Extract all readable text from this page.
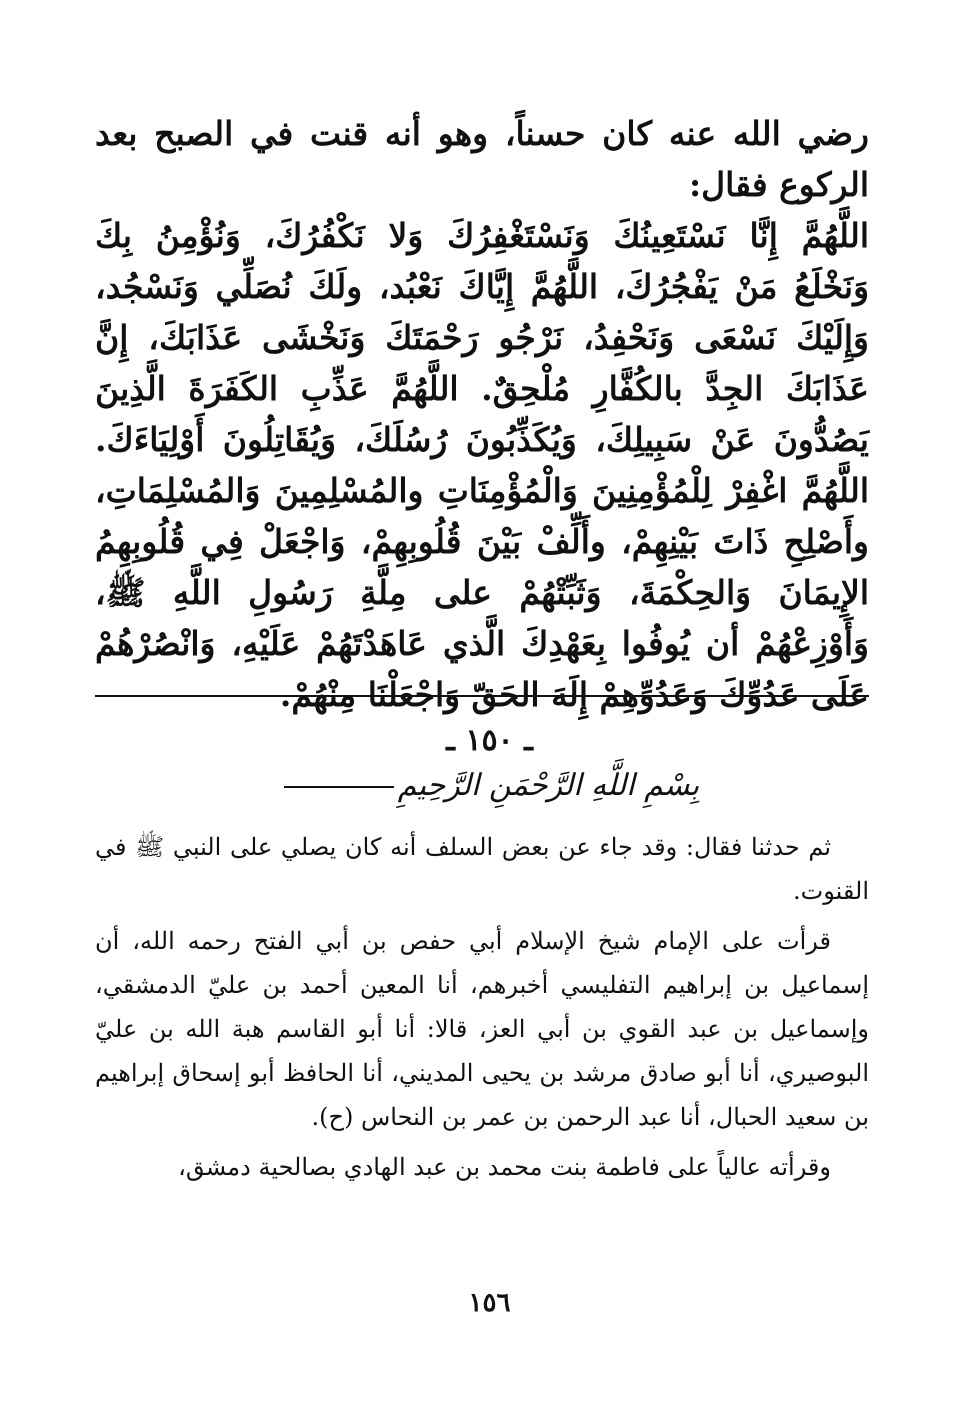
رضي الله عنه كان حسناً، وهو أنه قنت في الصبح بعد الركوع فقال:

اللَّهُمَّ إِنَّا نَسْتَعِينُكَ وَنَسْتَغْفِرُكَ وَلا نَكْفُرُكَ، وَنُؤْمِنُ بِكَ وَنَخْلَعُ مَنْ يَفْجُرُكَ، اللَّهُمَّ إِيَّاكَ نَعْبُد، ولَكَ نُصَلِّي وَنَسْجُد، وَإِلَيْكَ نَسْعَى وَنَحْفِدُ، نَرْجُو رَحْمَتَكَ وَنَخْشَى عَذَابَكَ، إِنَّ عَذَابَكَ الجِدَّ بالكُفَّارِ مُلْحِقٌ. اللَّهُمَّ عَذِّبِ الكَفَرَةَ الَّذِينَ يَصُدُّونَ عَنْ سَبِيلِكَ، وَيُكَذِّبُونَ رُسُلَكَ، وَيُقَاتِلُونَ أَوْلِيَاءَكَ. اللَّهُمَّ اغْفِرْ لِلْمُؤْمِنِينَ وَالْمُؤْمِنَاتِ والمُسْلِمِينَ وَالمُسْلِمَاتِ، وأَصْلِحِ ذَاتَ بَيْنِهِمْ، وأَلِّفْ بَيْنَ قُلُوبِهِمْ، وَاجْعَلْ فِي قُلُوبِهِمُ الإِيمَانَ وَالحِكْمَةَ، وَثَبِّتْهُمْ على مِلَّةِ رَسُولِ اللَّهِ ﷺ، وَأَوْزِعْهُمْ أن يُوفُوا بِعَهْدِكَ الَّذي عَاهَدْتَهُمْ عَلَيْهِ، وَانْصُرْهُمْ عَلَى عَدُوِّكَ وَعَدُوِّهِمْ إِلَهَ الحَقّ وَاجْعَلْنَا مِنْهُمْ.

ـ ١٥٠ ـ
بِسْمِ اللَّهِ الرَّحْمَنِ الرَّحِيمِ

ثم حدثنا فقال: وقد جاء عن بعض السلف أنه كان يصلي على النبي ﷺ في القنوت.

قرأت على الإمام شيخ الإسلام أبي حفص بن أبي الفتح رحمه الله، أن إسماعيل بن إبراهيم التفليسي أخبرهم، أنا المعين أحمد بن عليّ الدمشقي، وإسماعيل بن عبد القوي بن أبي العز، قالا: أنا أبو القاسم هبة الله بن عليّ البوصيري، أنا أبو صادق مرشد بن يحيى المديني، أنا الحافظ أبو إسحاق إبراهيم بن سعيد الحبال، أنا عبد الرحمن بن عمر بن النحاس (ح).

وقرأته عالياً على فاطمة بنت محمد بن عبد الهادي بصالحية دمشق،

١٥٦
